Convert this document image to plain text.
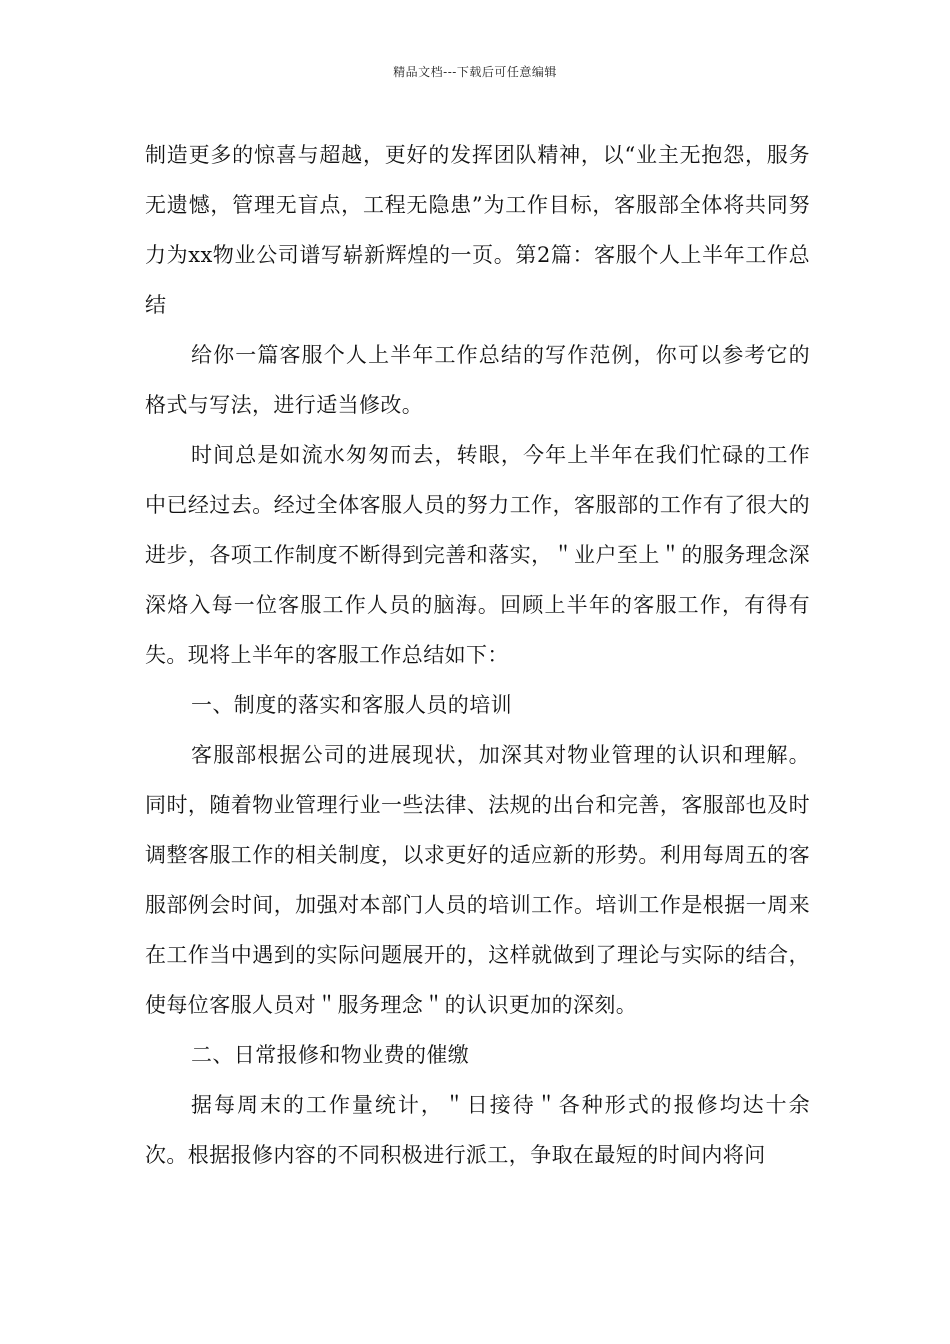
精品文档---下载后可任意编辑

制造更多的惊喜与超越，更好的发挥团队精神，以“业主无抱怨，服务无遗憾，管理无盲点，工程无隐患”为工作目标，客服部全体将共同努力为xx物业公司谱写崭新辉煌的一页。第2篇：客服个人上半年工作总结

给你一篇客服个人上半年工作总结的写作范例，你可以参考它的格式与写法，进行适当修改。

时间总是如流水匆匆而去，转眼，今年上半年在我们忙碌的工作中已经过去。经过全体客服人员的努力工作，客服部的工作有了很大的进步，各项工作制度不断得到完善和落实，＂业户至上＂的服务理念深深烙入每一位客服工作人员的脑海。回顾上半年的客服工作，有得有失。现将上半年的客服工作总结如下：

一、制度的落实和客服人员的培训

客服部根据公司的进展现状，加深其对物业管理的认识和理解。同时，随着物业管理行业一些法律、法规的出台和完善，客服部也及时调整客服工作的相关制度，以求更好的适应新的形势。利用每周五的客服部例会时间，加强对本部门人员的培训工作。培训工作是根据一周来在工作当中遇到的实际问题展开的，这样就做到了理论与实际的结合，使每位客服人员对＂服务理念＂的认识更加的深刻。

二、日常报修和物业费的催缴

据每周末的工作量统计，＂日接待＂各种形式的报修均达十余次。根据报修内容的不同积极进行派工，争取在最短的时间内将问
